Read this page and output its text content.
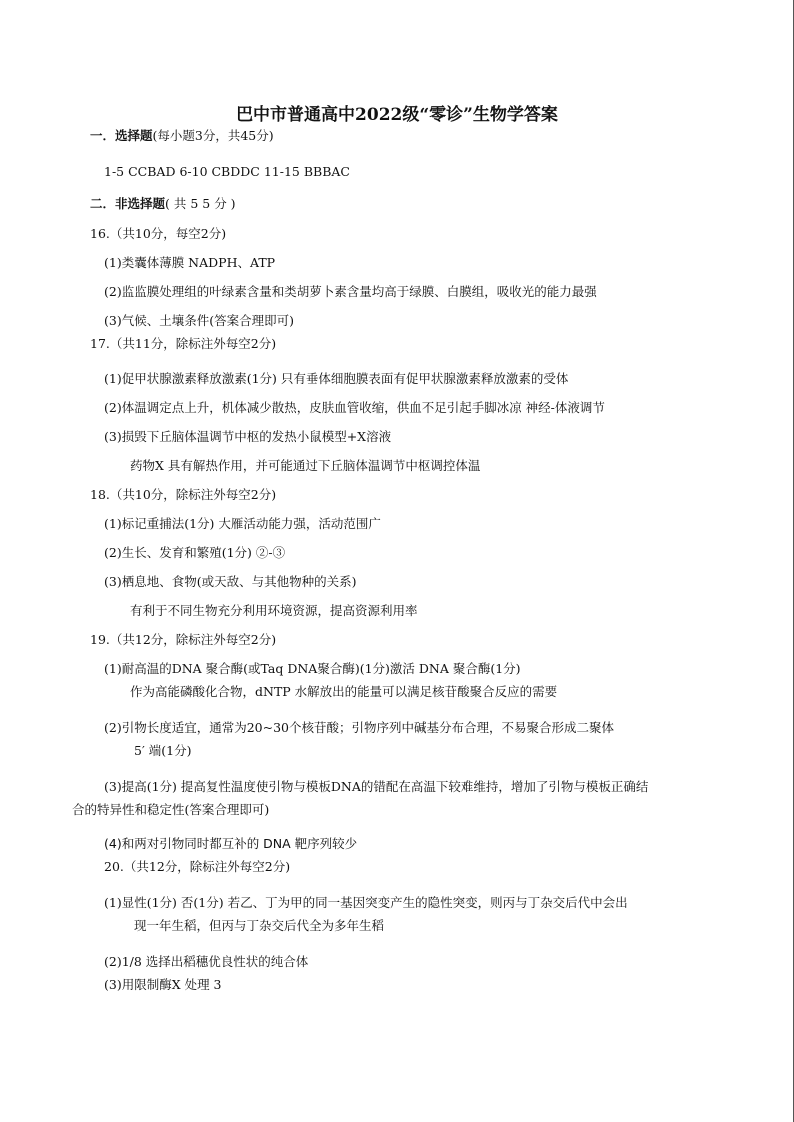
巴中市普通高中2022级“零诊”生物学答案
一．选择题(每小题3分，共45分)
1-5 CCBAD 6-10 CBDDC 11-15 BBBAC
二．非选择题( 共 5 5 分 )
16.（共10分，每空2分)
(1)类囊体薄膜 NADPH、ATP
(2)监监膜处理组的叶绿素含量和类胡萝卜素含量均高于绿膜、白膜组，吸收光的能力最强
(3)气候、土壤条件(答案合理即可)
17.（共11分，除标注外每空2分)
(1)促甲状腺激素释放激素(1分) 只有垂体细胞膜表面有促甲状腺激素释放激素的受体
(2)体温调定点上升，机体减少散热，皮肤血管收缩，供血不足引起手脚冰凉 神经-体液调节
(3)损毁下丘脑体温调节中枢的发热小鼠模型+X溶液
药物X 具有解热作用，并可能通过下丘脑体温调节中枢调控体温
18.（共10分，除标注外每空2分)
(1)标记重捕法(1分) 大雁活动能力强，活动范围广
(2)生长、发育和繁殖(1分) ②-③
(3)栖息地、食物(或天敌、与其他物种的关系)
有利于不同生物充分利用环境资源，提高资源利用率
19.（共12分，除标注外每空2分)
(1)耐高温的DNA 聚合酶(或Taq DNA聚合酶)(1分)激活 DNA 聚合酶(1分)
作为高能磷酸化合物，dNTP 水解放出的能量可以满足核苷酸聚合反应的需要
(2)引物长度适宜，通常为20~30个核苷酸；引物序列中碱基分布合理，不易聚合形成二聚体
5′ 端(1分)
(3)提高(1分) 提高复性温度使引物与模板DNA的错配在高温下较难维持，增加了引物与模板正确结
合的特异性和稳定性(答案合理即可)
(4)和两对引物同时都互补的 DNA 靶序列较少
20.（共12分，除标注外每空2分)
(1)显性(1分) 否(1分) 若乙、丁为甲的同一基因突变产生的隐性突变，则丙与丁杂交后代中会出
现一年生稻，但丙与丁杂交后代全为多年生稻
(2)1/8 选择出稻穗优良性状的纯合体
(3)用限制酶X 处理 3
